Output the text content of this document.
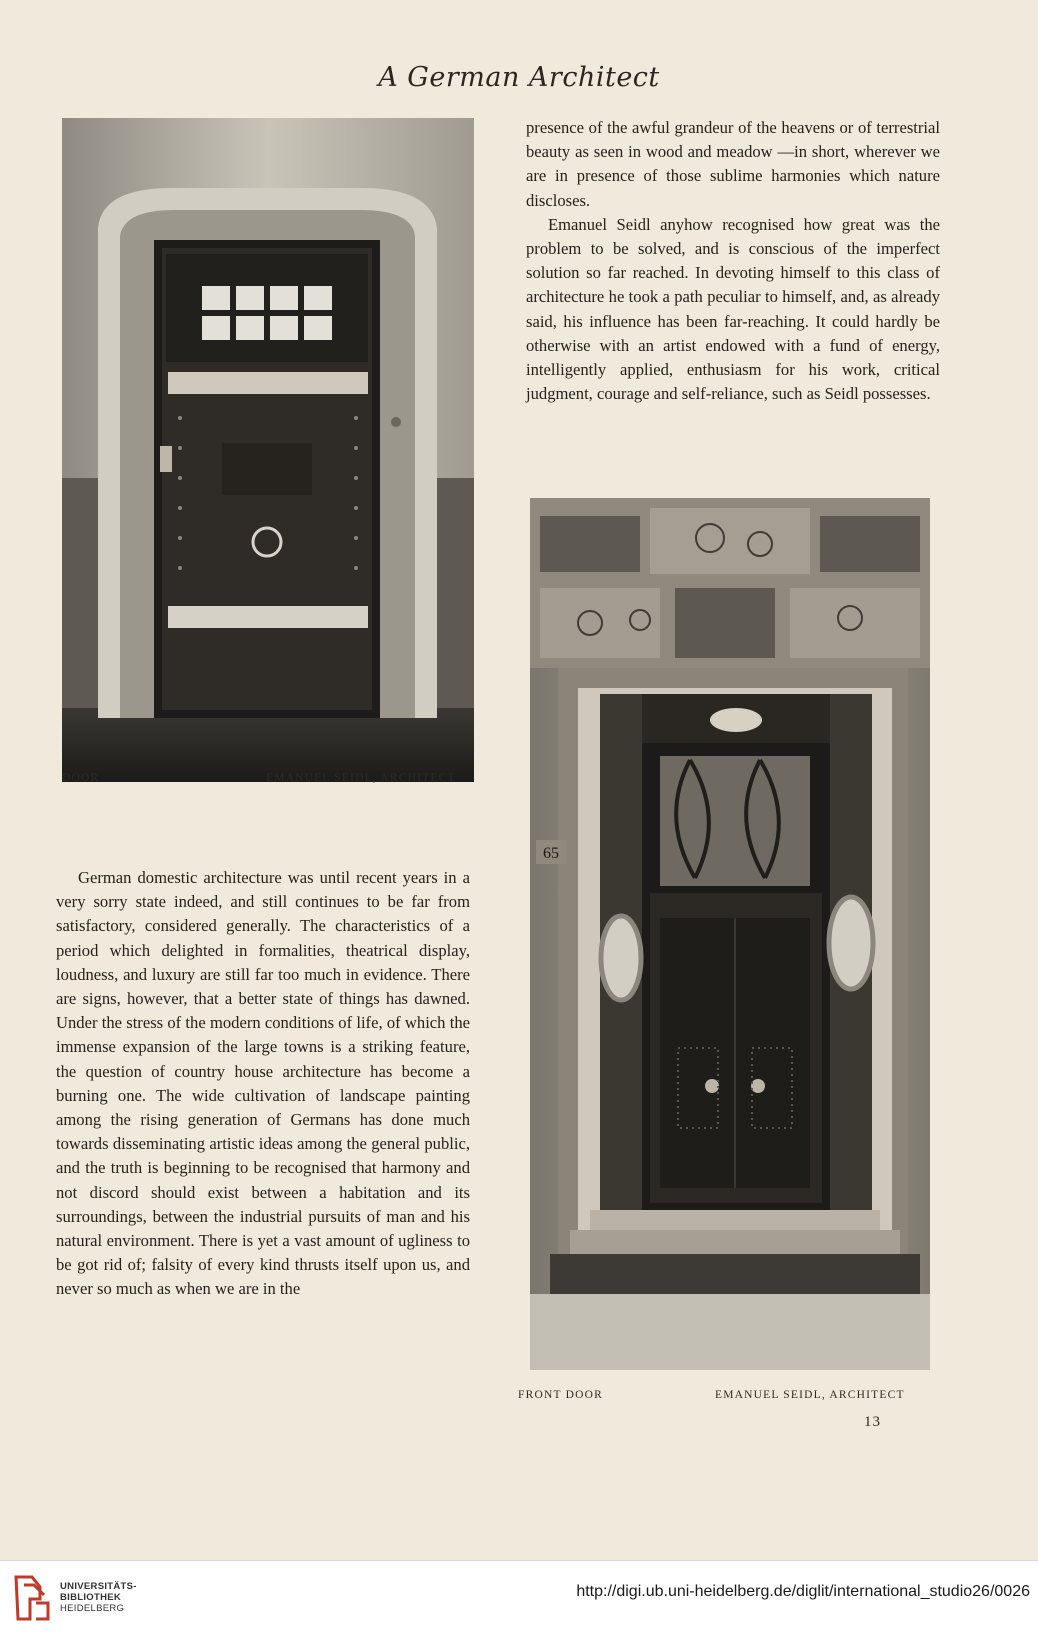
A German Architect
DOOR	EMANUEL SEIDL, ARCHITECT

presence of the awful grandeur of the heavens or of terrestrial beauty as seen in wood and meadow —in short, wherever we are in presence of those sublime harmonies which nature discloses.

Emanuel Seidl anyhow recognised how great was the problem to be solved, and is conscious of the imperfect solution so far reached. In devoting himself to this class of architecture he took a path peculiar to himself, and, as already said, his influence has been far-reaching. It could hardly be otherwise with an artist endowed with a fund of energy, intelligently applied, enthusiasm for his work, critical judgment, courage and self-reliance, such as Seidl possesses.

65
FRONT DOOR	EMANUEL SEIDL, ARCHITECT

German domestic architecture was until recent years in a very sorry state indeed, and still continues to be far from satisfactory, considered generally. The characteristics of a period which delighted in formalities, theatrical display, loudness, and luxury are still far too much in evidence. There are signs, however, that a better state of things has dawned. Under the stress of the modern conditions of life, of which the immense expansion of the large towns is a striking feature, the question of country house architecture has become a burning one. The wide cultivation of landscape painting among the rising generation of Germans has done much towards disseminating artistic ideas among the general public, and the truth is beginning to be recognised that harmony and not discord should exist between a habitation and its surroundings, between the industrial pursuits of man and his natural environment. There is yet a vast amount of ugliness to be got rid of; falsity of every kind thrusts itself upon us, and never so much as when we are in the

13
UNIVERSITÄTS-
BIBLIOTHEK
HEIDELBERG
http://digi.ub.uni-heidelberg.de/diglit/international_studio26/0026
